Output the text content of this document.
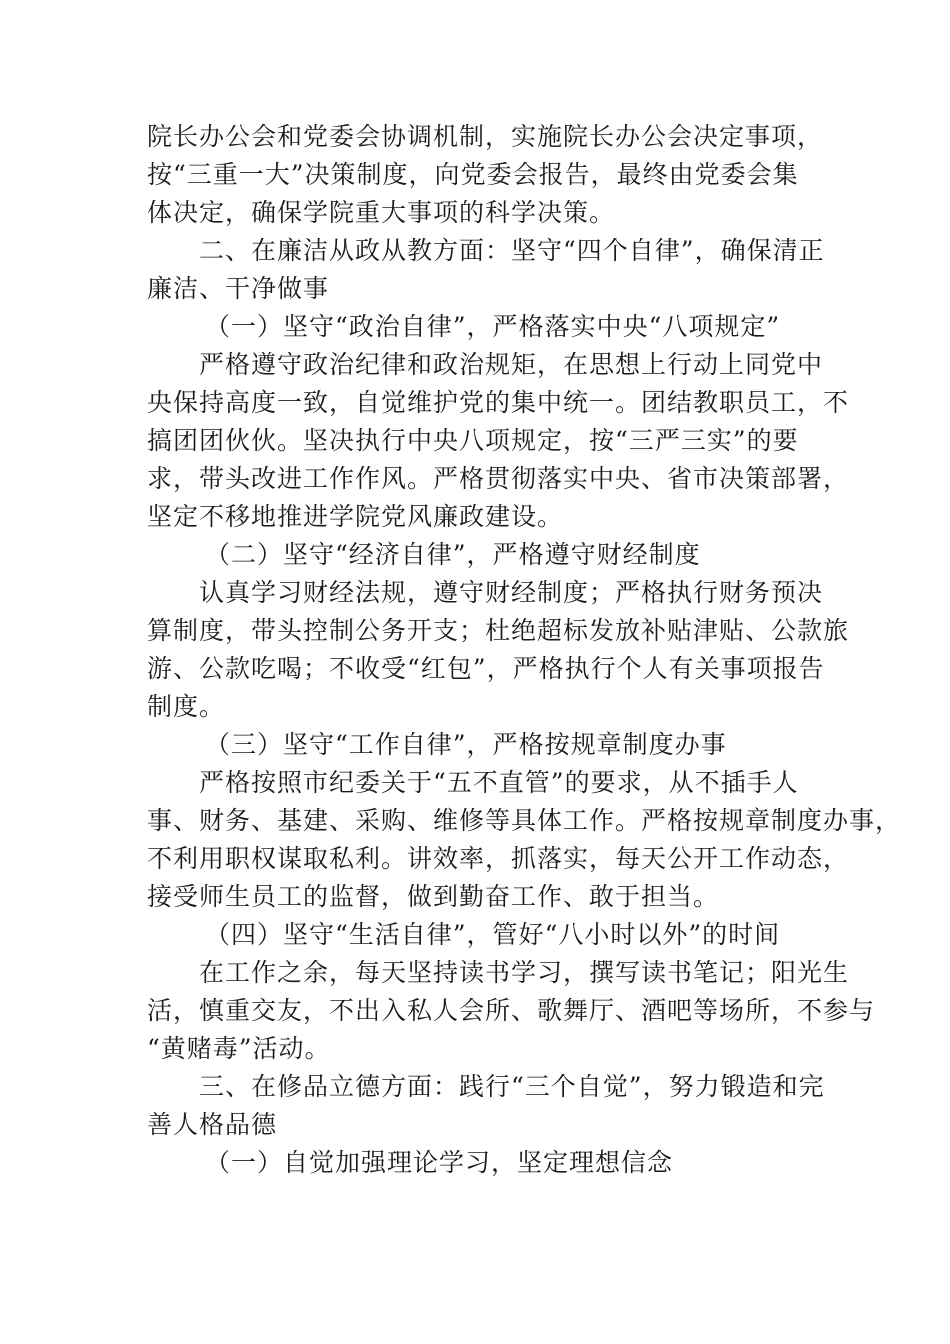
院长办公会和党委会协调机制，实施院长办公会决定事项，
按“三重一大”决策制度，向党委会报告，最终由党委会集
体决定，确保学院重大事项的科学决策。
二、在廉洁从政从教方面：坚守“四个自律”，确保清正
廉洁、干净做事
（一）坚守“政治自律”，严格落实中央“八项规定”
严格遵守政治纪律和政治规矩，在思想上行动上同党中
央保持高度一致，自觉维护党的集中统一。团结教职员工，不
搞团团伙伙。坚决执行中央八项规定，按“三严三实”的要
求，带头改进工作作风。严格贯彻落实中央、省市决策部署，
坚定不移地推进学院党风廉政建设。
（二）坚守“经济自律”，严格遵守财经制度
认真学习财经法规，遵守财经制度；严格执行财务预决
算制度，带头控制公务开支；杜绝超标发放补贴津贴、公款旅
游、公款吃喝；不收受“红包”，严格执行个人有关事项报告
制度。
（三）坚守“工作自律”，严格按规章制度办事
严格按照市纪委关于“五不直管”的要求，从不插手人
事、财务、基建、采购、维修等具体工作。严格按规章制度办事，
不利用职权谋取私利。讲效率，抓落实，每天公开工作动态，
接受师生员工的监督，做到勤奋工作、敢于担当。
（四）坚守“生活自律”，管好“八小时以外”的时间
在工作之余，每天坚持读书学习，撰写读书笔记；阳光生
活，慎重交友，不出入私人会所、歌舞厅、酒吧等场所，不参与
“黄赌毒”活动。
三、在修品立德方面：践行“三个自觉”，努力锻造和完
善人格品德
（一）自觉加强理论学习，坚定理想信念
